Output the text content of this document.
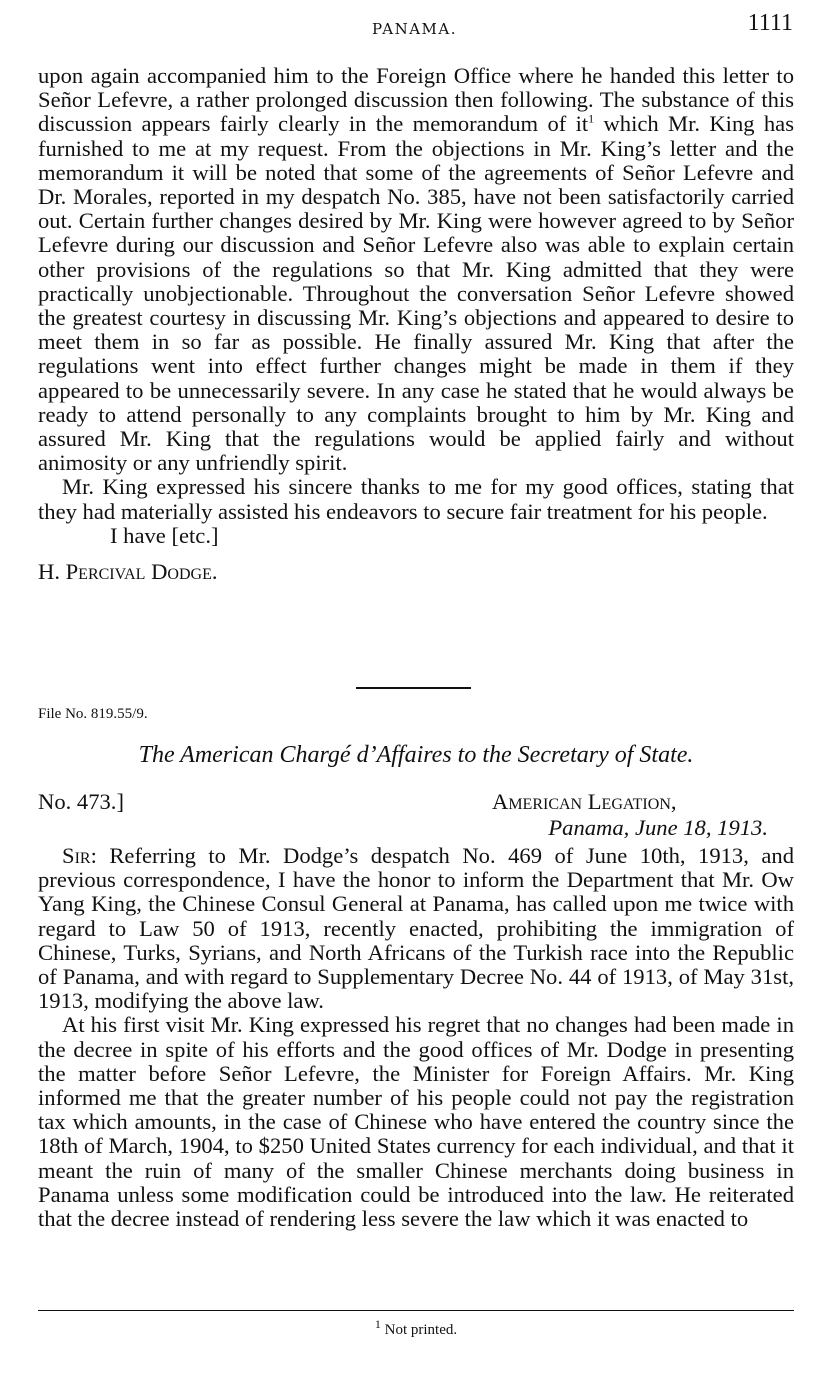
PANAMA.	1111

upon again accompanied him to the Foreign Office where he handed this letter to Señor Lefevre, a rather prolonged discussion then following. The substance of this discussion appears fairly clearly in the memorandum of $it^1$ which Mr. King has furnished to me at my request. From the objections in Mr. King’s letter and the memorandum it will be noted that some of the agreements of Señor Lefevre and Dr. Morales, reported in my despatch No. 385, have not been satisfactorily carried out. Certain further changes desired by Mr. King were however agreed to by Señor Lefevre during our discussion and Señor Lefevre also was able to explain certain other provisions of the regulations so that Mr. King admitted that they were practically unobjectionable. Throughout the conversation Señor Lefevre showed the greatest courtesy in discussing Mr. King’s objections and appeared to desire to meet them in so far as possible. He finally assured Mr. King that after the regulations went into effect further changes might be made in them if they appeared to be unnecessarily severe. In any case he stated that he would always be ready to attend personally to any complaints brought to him by Mr. King and assured Mr. King that the regulations would be applied fairly and without animosity or any unfriendly spirit.

Mr. King expressed his sincere thanks to me for my good offices, stating that they had materially assisted his endeavors to secure fair treatment for his people.

I have [etc.]

H. Percival Dodge.

File No. 819.55/9.
The American Chargé d’Affaires to the Secretary of State.
No. 473.]	American Legation,
Panama, June 18, 1913.

Sir: Referring to Mr. Dodge’s despatch No. 469 of June 10th, 1913, and previous correspondence, I have the honor to inform the Department that Mr. Ow Yang King, the Chinese Consul General at Panama, has called upon me twice with regard to Law 50 of 1913, recently enacted, prohibiting the immigration of Chinese, Turks, Syrians, and North Africans of the Turkish race into the Republic of Panama, and with regard to Supplementary Decree No. 44 of 1913, of May 31st, 1913, modifying the above law.

At his first visit Mr. King expressed his regret that no changes had been made in the decree in spite of his efforts and the good offices of Mr. Dodge in presenting the matter before Señor Lefevre, the Minister for Foreign Affairs. Mr. King informed me that the greater number of his people could not pay the registration tax which amounts, in the case of Chinese who have entered the country since the 18th of March, 1904, to $250 United States currency for each individual, and that it meant the ruin of many of the smaller Chinese merchants doing business in Panama unless some modification could be introduced into the law. He reiterated that the decree instead of rendering less severe the law which it was enacted to

$^1$ Not printed.
